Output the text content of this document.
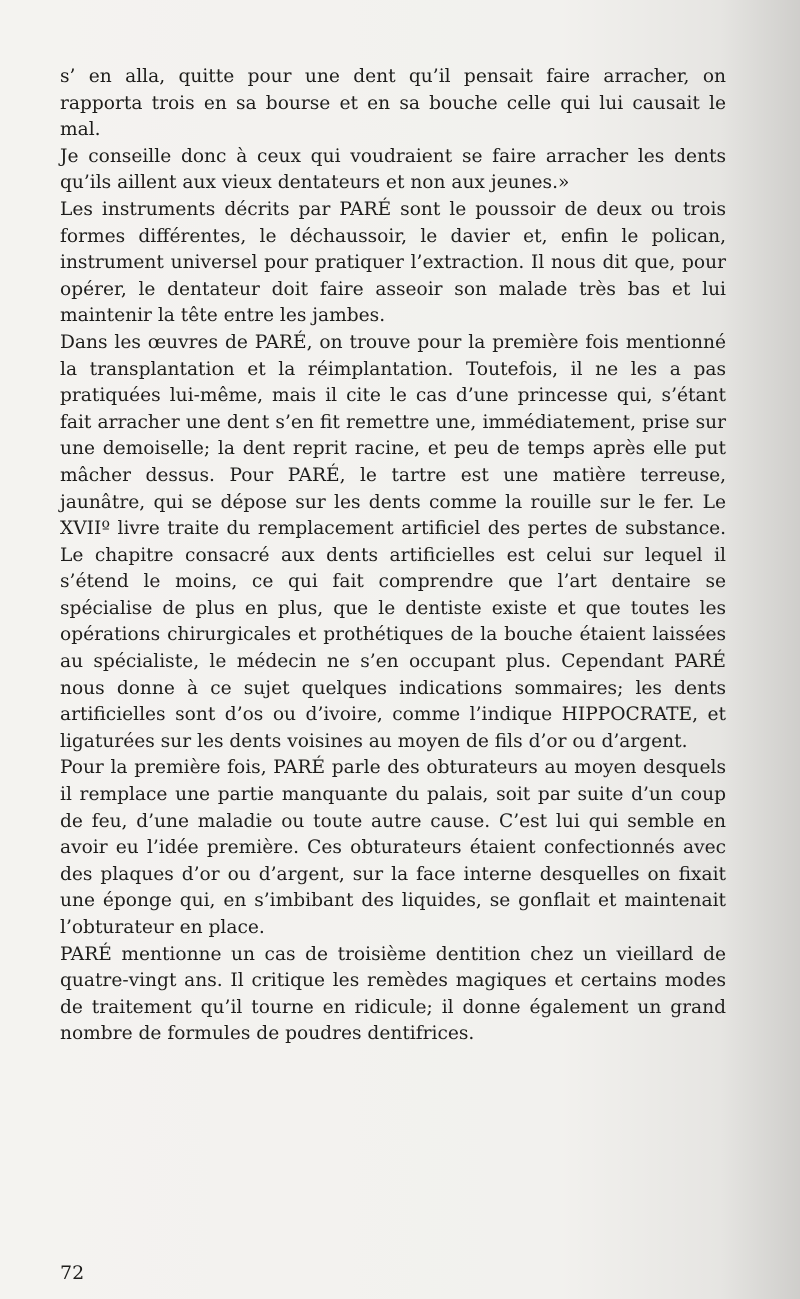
s’ en alla, quitte pour une dent qu’il pensait faire arracher, on rapporta trois en sa bourse et en sa bouche celle qui lui causait le mal.

Je conseille donc à ceux qui voudraient se faire arracher les dents qu’ils aillent aux vieux dentateurs et non aux jeunes.»

Les instruments décrits par PARÉ sont le poussoir de deux ou trois formes différentes, le déchaussoir, le davier et, enfin le polican, instrument universel pour pratiquer l’extraction. Il nous dit que, pour opérer, le dentateur doit faire asseoir son malade très bas et lui maintenir la tête entre les jambes.

Dans les œuvres de PARÉ, on trouve pour la première fois mentionné la transplantation et la réimplantation. Toutefois, il ne les a pas pratiquées lui-même, mais il cite le cas d’une princesse qui, s’étant fait arracher une dent s’en fit remettre une, immédiatement, prise sur une demoiselle; la dent reprit racine, et peu de temps après elle put mâcher dessus. Pour PARÉ, le tartre est une matière terreuse, jaunâtre, qui se dépose sur les dents comme la rouille sur le fer. Le XVIIº livre traite du remplacement artificiel des pertes de substance. Le chapitre consacré aux dents artificielles est celui sur lequel il s’étend le moins, ce qui fait comprendre que l’art dentaire se spécialise de plus en plus, que le dentiste existe et que toutes les opérations chirurgicales et prothétiques de la bouche étaient laissées au spécialiste, le médecin ne s’en occupant plus. Cependant PARÉ nous donne à ce sujet quelques indications sommaires; les dents artificielles sont d’os ou d’ivoire, comme l’indique HIPPOCRATE, et ligaturées sur les dents voisines au moyen de fils d’or ou d’argent.

Pour la première fois, PARÉ parle des obturateurs au moyen desquels il remplace une partie manquante du palais, soit par suite d’un coup de feu, d’une maladie ou toute autre cause. C’est lui qui semble en avoir eu l’idée première. Ces obturateurs étaient confectionnés avec des plaques d’or ou d’argent, sur la face interne desquelles on fixait une éponge qui, en s’imbibant des liquides, se gonflait et maintenait l’obturateur en place.

PARÉ mentionne un cas de troisième dentition chez un vieillard de quatre-vingt ans. Il critique les remèdes magiques et certains modes de traitement qu’il tourne en ridicule; il donne également un grand nombre de formules de poudres dentifrices.

72
